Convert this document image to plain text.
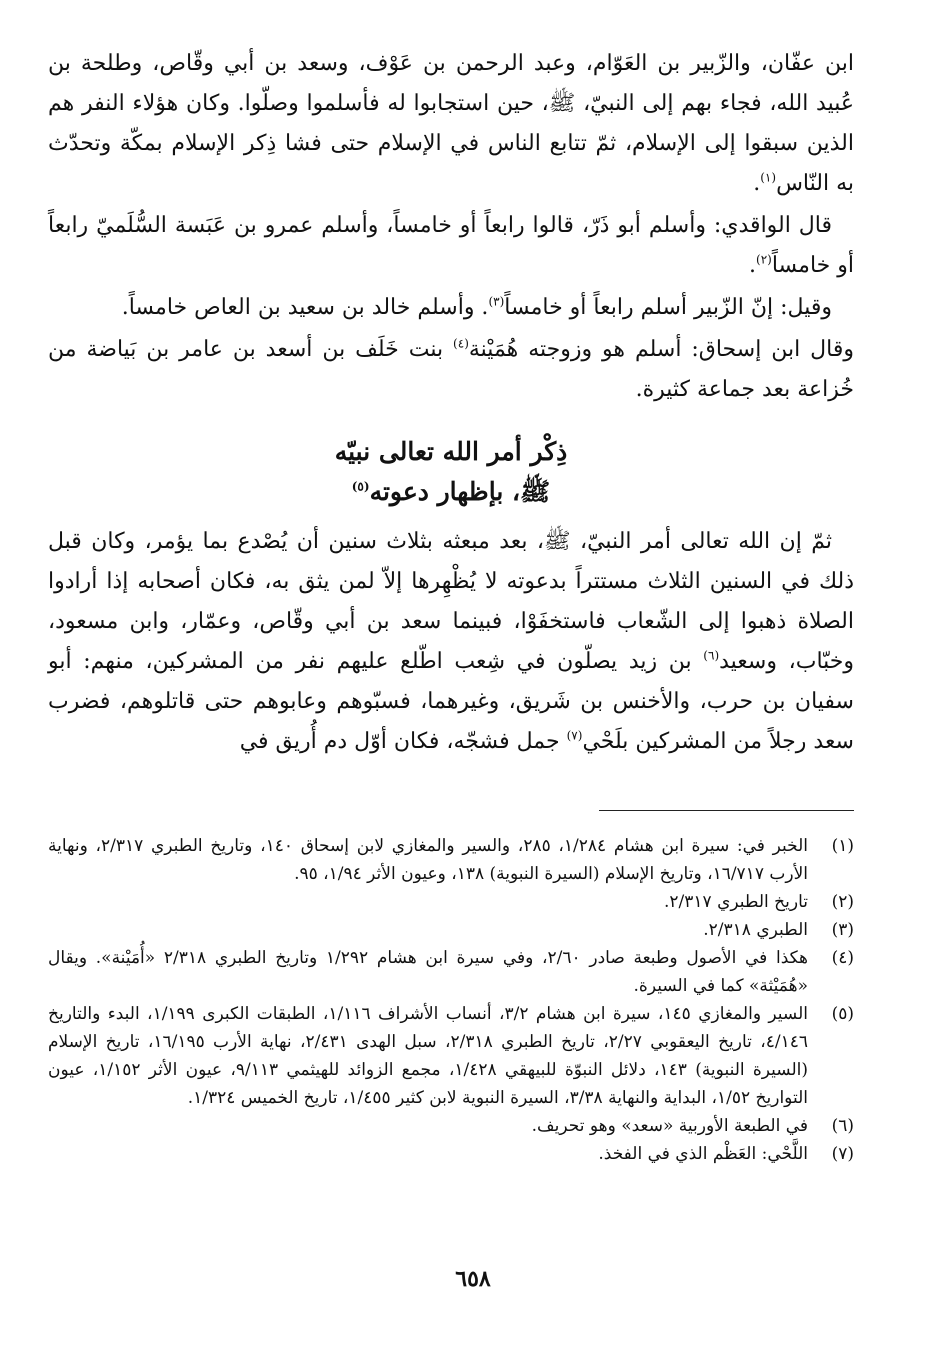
ابن عفّان، والزّبير بن العَوّام، وعبد الرحمن بن عَوْف، وسعد بن أبي وقّاص، وطلحة بن عُبيد الله، فجاء بهم إلى النبيّ، ﷺ، حين استجابوا له فأسلموا وصلّوا. وكان هؤلاء النفر هم الذين سبقوا إلى الإسلام، ثمّ تتابع الناس في الإسلام حتى فشا ذِكر الإسلام بمكّة وتحدّث به النّاس$^{(١)}$.

 قال الواقدي: وأسلم أبو ذَرّ، قالوا رابعاً أو خامساً، وأسلم عمرو بن عَبَسة السُّلَميّ رابعاً أو خامساً$^{(٢)}$.

 وقيل: إنّ الزّبير أسلم رابعاً أو خامساً$^{(٣)}$. وأسلم خالد بن سعيد بن العاص خامساً.

وقال ابن إسحاق: أسلم هو وزوجته هُمَيْنة$^{(٤)}$ بنت خَلَف بن أسعد بن عامر بن بَياضة من خُزاعة بعد جماعة كثيرة.

ذِكْر أمر الله تعالى نبيّه

ﷺ، بإظهار دعوته$^{(٥)}$

 ثمّ إن الله تعالى أمر النبيّ، ﷺ، بعد مبعثه بثلاث سنين أن يُصْدع بما يؤمر، وكان قبل ذلك في السنين الثلاث مستتراً بدعوته لا يُظْهِرها إلاّ لمن يثق به، فكان أصحابه إذا أرادوا الصلاة ذهبوا إلى الشّعاب فاستخفَوْا، فبينما سعد بن أبي وقّاص، وعمّار، وابن مسعود، وخبّاب، وسعيد$^{(٦)}$ بن زيد يصلّون في شِعب اطّلع عليهم نفر من المشركين، منهم: أبو سفيان بن حرب، والأخنس بن شَريق، وغيرهما، فسبّوهم وعابوهم حتى قاتلوهم، فضرب سعد رجلاً من المشركين بلَحْي$^{(٧)}$ جمل فشجّه، فكان أوّل دم أُريق في

(١)
الخبر في: سيرة ابن هشام ١/٢٨٤، ٢٨٥، والسير والمغازي لابن إسحاق ١٤٠، وتاريخ الطبري ٢/٣١٧، ونهاية الأرب ١٦/٧١٧، وتاريخ الإسلام (السيرة النبوية) ١٣٨، وعيون الأثر ١/٩٤، ٩٥.
(٢)
تاريخ الطبري ٢/٣١٧.
(٣)
الطبري ٢/٣١٨.
(٤)
هكذا في الأصول وطبعة صادر ٢/٦٠، وفي سيرة ابن هشام ١/٢٩٢ وتاريخ الطبري ٢/٣١٨ «أُمَيْنة». ويقال «هُمَيْثة» كما في السيرة.
(٥)
السير والمغازي ١٤٥، سيرة ابن هشام ٣/٢، أنساب الأشراف ١/١١٦، الطبقات الكبرى ١/١٩٩، البدء والتاريخ ٤/١٤٦، تاريخ اليعقوبي ٢/٢٧، تاريخ الطبري ٢/٣١٨، سبل الهدى ٢/٤٣١، نهاية الأرب ١٦/١٩٥، تاريخ الإسلام (السيرة النبوية) ١٤٣، دلائل النبوّة للبيهقي ١/٤٢٨، مجمع الزوائد للهيثمي ٩/١١٣، عيون الأثر ١/١٥٢، عيون التواريخ ١/٥٢، البداية والنهاية ٣/٣٨، السيرة النبوية لابن كثير ١/٤٥٥، تاريخ الخميس ١/٣٢٤.
(٦)
في الطبعة الأوربية «سعد» وهو تحريف.
(٧)
اللَّحْي: العَظْم الذي في الفخذ.
٦٥٨
